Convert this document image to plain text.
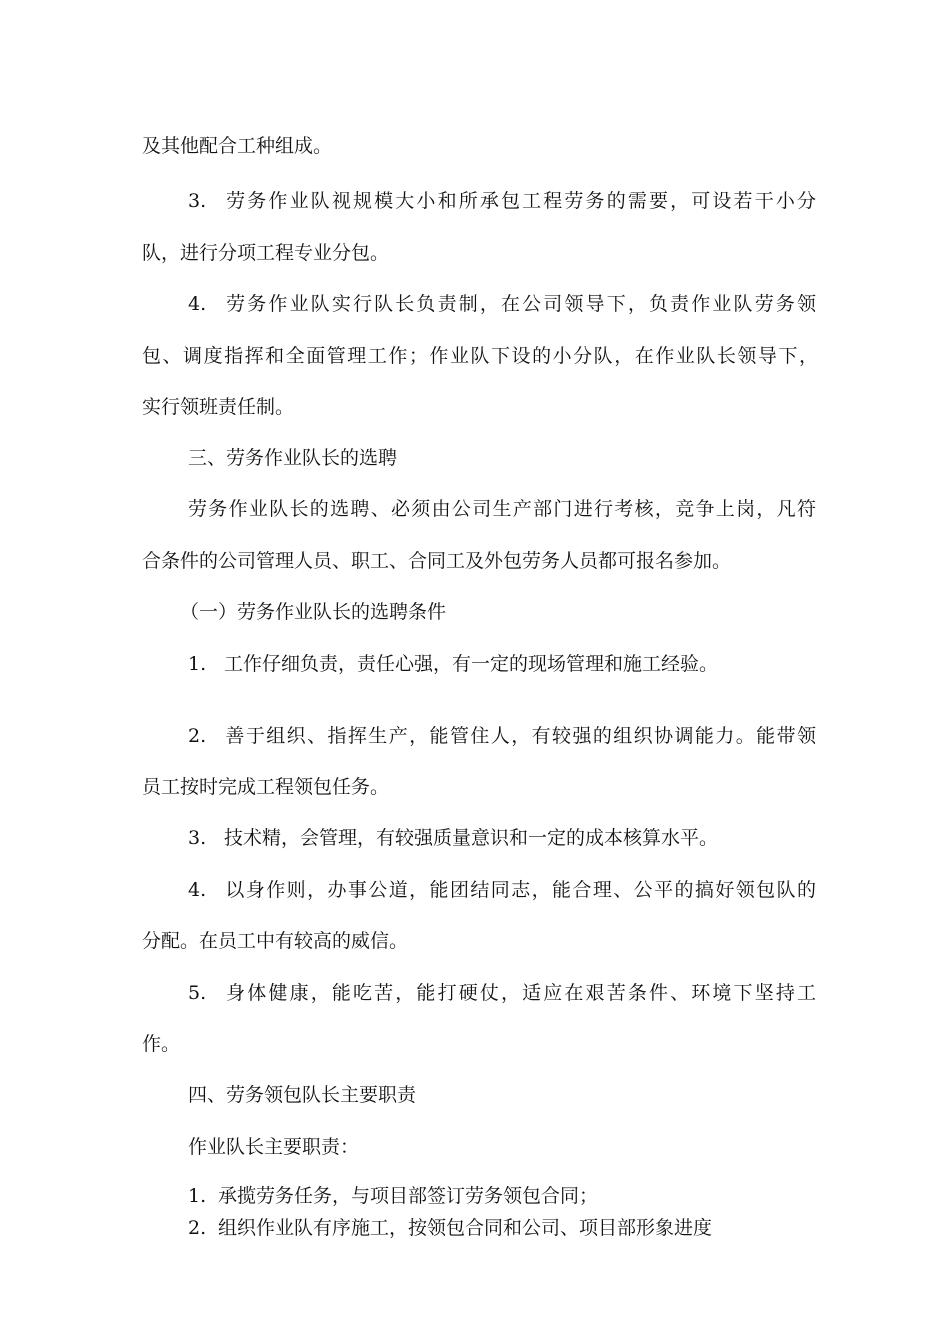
及其他配合工种组成。

3. 劳务作业队视规模大小和所承包工程劳务的需要，可设若干小分

队，进行分项工程专业分包。

4. 劳务作业队实行队长负责制，在公司领导下，负责作业队劳务领

包、调度指挥和全面管理工作；作业队下设的小分队，在作业队长领导下，

实行领班责任制。

三、劳务作业队长的选聘

劳务作业队长的选聘、必须由公司生产部门进行考核，竞争上岗，凡符

合条件的公司管理人员、职工、合同工及外包劳务人员都可报名参加。

（一）劳务作业队长的选聘条件

1. 工作仔细负责，责任心强，有一定的现场管理和施工经验。

2. 善于组织、指挥生产，能管住人，有较强的组织协调能力。能带领

员工按时完成工程领包任务。

3. 技术精，会管理，有较强质量意识和一定的成本核算水平。

4. 以身作则，办事公道，能团结同志，能合理、公平的搞好领包队的

分配。在员工中有较高的威信。

5. 身体健康，能吃苦，能打硬仗，适应在艰苦条件、环境下坚持工

作。

四、劳务领包队长主要职责

作业队长主要职责：

1. 承揽劳务任务，与项目部签订劳务领包合同；

2. 组织作业队有序施工，按领包合同和公司、项目部形象进度
